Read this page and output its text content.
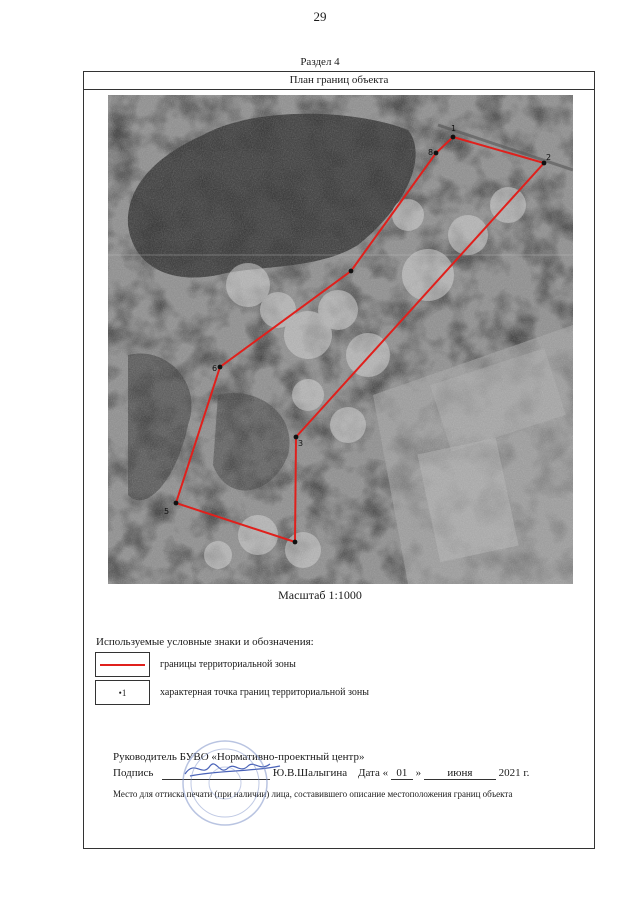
29
Раздел 4
План границ объекта
1
2
3
5
6
8
Масштаб 1:1000
Используемые условные знаки и обозначения:
границы территориальной зоны
•1	характерная точка границ территориальной зоны
Руководитель БУВО «Нормативно-проектный центр»
Подпись	Ю.В.Шалыгина Дата « 01 » июня 2021 г.
Место для оттиска печати (при наличии) лица, составившего описание местоположения границ объекта
